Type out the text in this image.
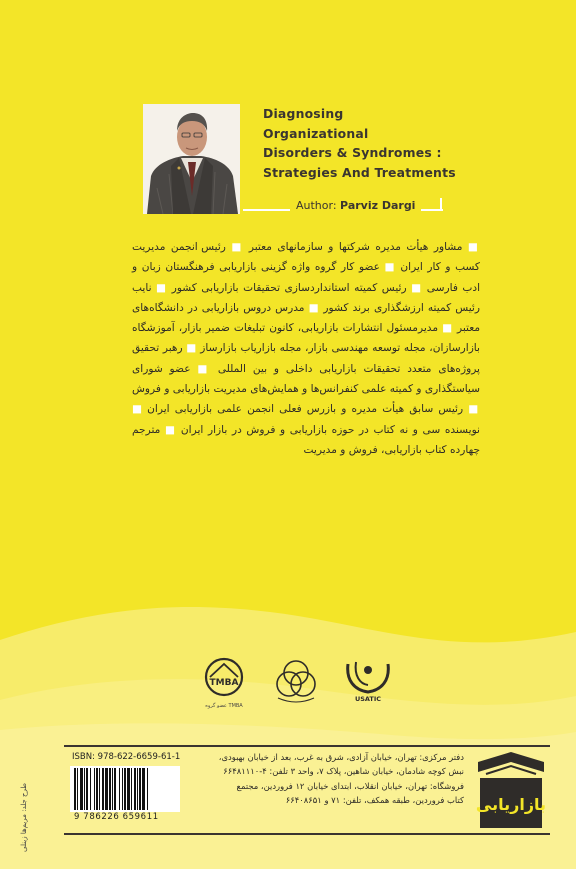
Diagnosing
Organizational
Disorders & Syndromes :
Strategies And Treatments
Author: Parviz Dargi
■ مشاور هیأت مدیره شرکتها و سازمانهای معتبر ■ رئیس انجمن مدیریت کسب و کار ایران ■ عضو کار گروه واژه گزینی بازاریابی فرهنگستان زبان و ادب فارسی ■ رئیس کمیته استانداردسازی تحقیقات بازاریابی کشور ■ نایب رئیس کمیته ارزشگذاری برند کشور ■ مدرس دروس بازاریابی در دانشگاه‌های معتبر ■ مدیرمسئول انتشارات بازاریابی، کانون تبلیغات ضمیر بازار، آموزشگاه بازارسازان، مجله توسعه مهندسی بازار، مجله بازاریاب بازارساز ■ رهبر تحقیق پروژه‌های متعدد تحقیقات بازاریابی داخلی و بین المللی ■ عضو شورای سیاستگذاری و کمیته علمی کنفرانس‌ها و همایش‌های مدیریت بازاریابی و فروش ■ رئیس سابق هیأت مدیره و بازرس فعلی انجمن علمی بازاریابی ایران ■ نویسنده سی و نه کتاب در حوزه بازاریابی و فروش در بازار ایران ■ مترجم چهارده کتاب بازاریابی، فروش و مدیریت
TMBA
عضو گروه TMBA
USATIC
طرح جلد: مریم‌ها زینلی
ISBN: 978-622-6659-61-1
9 786226 659611
دفتر مرکزی: تهران، خیابان آزادی، شرق به غرب، بعد از خیابان بهبودی،
نبش کوچه شادمان، خیابان شاهین، پلاک ۷، واحد ۳ تلفن: ۴-۶۶۴۸۱۱۱۰
فروشگاه: تهران، خیابان انقلاب، ابتدای خیابان ۱۲ فروردین، مجتمع
کتاب فروردین، طبقه همکف، تلفن: ۷۱ و ۶۶۴۰۸۶۵۱ بازاریابی
